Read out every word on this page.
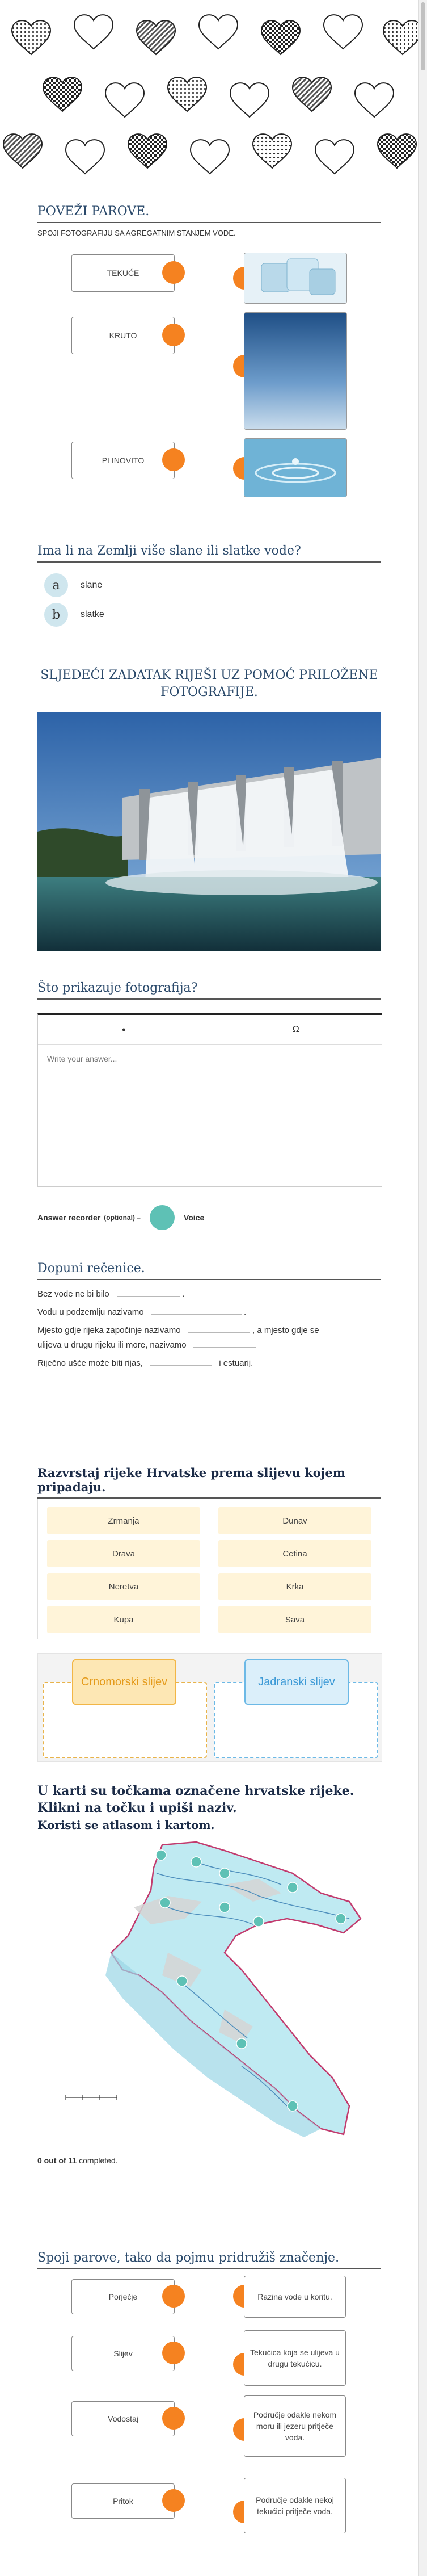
POVEŽI PAROVE.
SPOJI FOTOGRAFIJU SA AGREGATNIM STANJEM VODE.
TEKUĆE
KRUTO
PLINOVITO
Ima li na Zemlji više slane ili slatke vode?
a	slane
b	slatke
SLJEDEĆI ZADATAK RIJEŠI UZ POMOĆ PRILOŽENE FOTOGRAFIJE.
Što prikazuje fotografija?
•	Ω
Write your answer...
Answer recorder (optional) –	Voice
Dopuni rečenice.
Bez vode ne bi bilo	.
Vodu u podzemlju nazivamo	.
Mjesto gdje rijeka započinje nazivamo	, a mjesto gdje se
ulijeva u drugu rijeku ili more, nazivamo
Riječno ušće može biti rijas,	i estuarij.
Razvrstaj rijeke Hrvatske prema slijevu kojem pripadaju.
Zrmanja	Dunav
Drava	Cetina
Neretva	Krka
Kupa	Sava
Crnomorski slijev	Jadranski slijev
U karti su točkama označene hrvatske rijeke. Klikni na točku i upiši naziv.
Koristi se atlasom i kartom.
0 out of 11 completed.
Spoji parove, tako da pojmu pridružiš značenje.
Porječje	Razina vode u koritu.
Slijev	Tekućica koja se ulijeva u drugu tekućicu.
Vodostaj	Područje odakle nekom moru ili jezeru pritječe voda.
Pritok	Područje odakle nekoj tekućici pritječe voda.
